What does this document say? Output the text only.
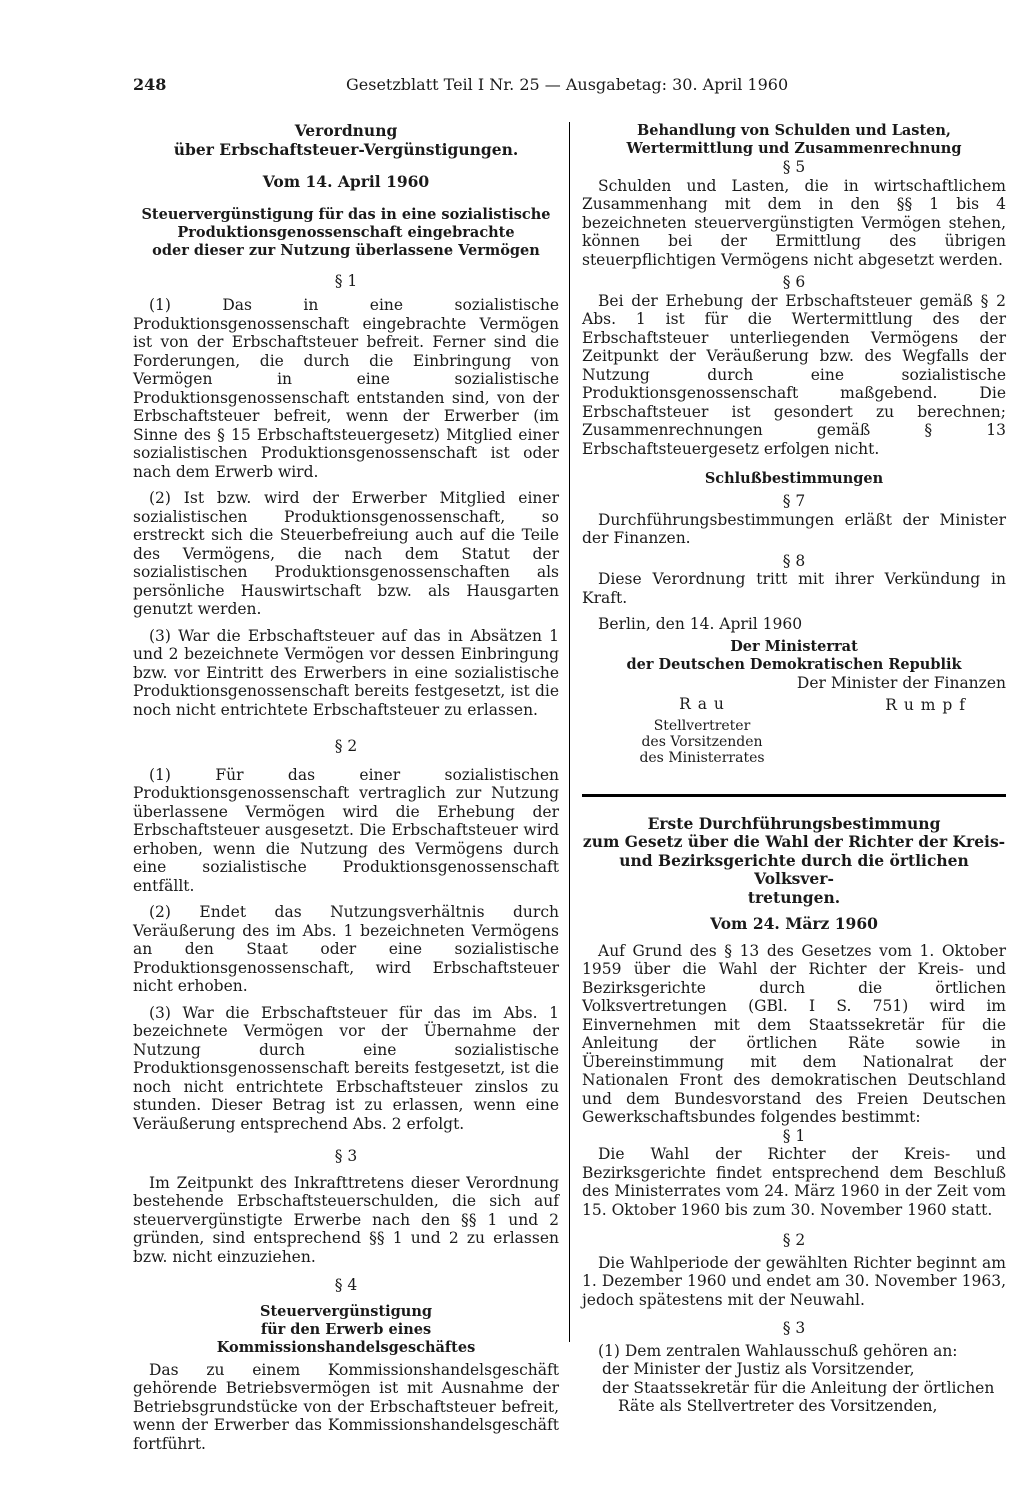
248	Gesetzblatt Teil I Nr. 25 — Ausgabetag: 30. April 1960

Verordnung

über Erbschaftsteuer-Vergünstigungen.

Vom 14. April 1960

Steuervergünstigung für das in eine sozialistische

Produktionsgenossenschaft eingebrachte

oder dieser zur Nutzung überlassene Vermögen

§ 1

(1) Das in eine sozialistische Produktionsgenossenschaft eingebrachte Vermögen ist von der Erbschaftsteuer befreit. Ferner sind die Forderungen, die durch die Einbringung von Vermögen in eine sozialistische Produktionsgenossenschaft entstanden sind, von der Erbschaftsteuer befreit, wenn der Erwerber (im Sinne des § 15 Erbschaftsteuergesetz) Mitglied einer sozialistischen Produktionsgenossenschaft ist oder nach dem Erwerb wird.

(2) Ist bzw. wird der Erwerber Mitglied einer sozialistischen Produktionsgenossenschaft, so erstreckt sich die Steuerbefreiung auch auf die Teile des Vermögens, die nach dem Statut der sozialistischen Produktionsgenossenschaften als persönliche Hauswirtschaft bzw. als Hausgarten genutzt werden.

(3) War die Erbschaftsteuer auf das in Absätzen 1 und 2 bezeichnete Vermögen vor dessen Einbringung bzw. vor Eintritt des Erwerbers in eine sozialistische Produktionsgenossenschaft bereits festgesetzt, ist die noch nicht entrichtete Erbschaftsteuer zu erlassen.

§ 2

(1) Für das einer sozialistischen Produktionsgenossenschaft vertraglich zur Nutzung überlassene Vermögen wird die Erhebung der Erbschaftsteuer ausgesetzt. Die Erbschaftsteuer wird erhoben, wenn die Nutzung des Vermögens durch eine sozialistische Produktionsgenossenschaft entfällt.

(2) Endet das Nutzungsverhältnis durch Veräußerung des im Abs. 1 bezeichneten Vermögens an den Staat oder eine sozialistische Produktionsgenossenschaft, wird Erbschaftsteuer nicht erhoben.

(3) War die Erbschaftsteuer für das im Abs. 1 bezeichnete Vermögen vor der Übernahme der Nutzung durch eine sozialistische Produktionsgenossenschaft bereits festgesetzt, ist die noch nicht entrichtete Erbschaftsteuer zinslos zu stunden. Dieser Betrag ist zu erlassen, wenn eine Veräußerung entsprechend Abs. 2 erfolgt.

§ 3

Im Zeitpunkt des Inkrafttretens dieser Verordnung bestehende Erbschaftsteuerschulden, die sich auf steuervergünstigte Erwerbe nach den §§ 1 und 2 gründen, sind entsprechend §§ 1 und 2 zu erlassen bzw. nicht einzuziehen.

§ 4

Steuervergünstigung

für den Erwerb eines Kommissionshandelsgeschäftes

Das zu einem Kommissionshandelsgeschäft gehörende Betriebsvermögen ist mit Ausnahme der Betriebsgrundstücke von der Erbschaftsteuer befreit, wenn der Erwerber das Kommissionshandelsgeschäft fortführt.

Behandlung von Schulden und Lasten,

Wertermittlung und Zusammenrechnung

§ 5

Schulden und Lasten, die in wirtschaftlichem Zusammenhang mit dem in den §§ 1 bis 4 bezeichneten steuervergünstigten Vermögen stehen, können bei der Ermittlung des übrigen steuerpflichtigen Vermögens nicht abgesetzt werden.

§ 6

Bei der Erhebung der Erbschaftsteuer gemäß § 2 Abs. 1 ist für die Wertermittlung des der Erbschaftsteuer unterliegenden Vermögens der Zeitpunkt der Veräußerung bzw. des Wegfalls der Nutzung durch eine sozialistische Produktionsgenossenschaft maßgebend. Die Erbschaftsteuer ist gesondert zu berechnen; Zusammenrechnungen gemäß § 13 Erbschaftsteuergesetz erfolgen nicht.

Schlußbestimmungen

§ 7

Durchführungsbestimmungen erläßt der Minister der Finanzen.

§ 8

Diese Verordnung tritt mit ihrer Verkündung in Kraft.

Berlin, den 14. April 1960

Der Ministerrat

der Deutschen Demokratischen Republik

Der Minister der Finanzen
R a u	R u m p f
Stellvertreter
des Vorsitzenden
des Ministerrates

Erste Durchführungsbestimmung

zum Gesetz über die Wahl der Richter der Kreis-

und Bezirksgerichte durch die örtlichen Volksver-

tretungen.

Vom 24. März 1960

Auf Grund des § 13 des Gesetzes vom 1. Oktober 1959 über die Wahl der Richter der Kreis- und Bezirksgerichte durch die örtlichen Volksvertretungen (GBl. I S. 751) wird im Einvernehmen mit dem Staatssekretär für die Anleitung der örtlichen Räte sowie in Übereinstimmung mit dem Nationalrat der Nationalen Front des demokratischen Deutschland und dem Bundesvorstand des Freien Deutschen Gewerkschaftsbundes folgendes bestimmt:

§ 1

Die Wahl der Richter der Kreis- und Bezirksgerichte findet entsprechend dem Beschluß des Ministerrates vom 24. März 1960 in der Zeit vom 15. Oktober 1960 bis zum 30. November 1960 statt.

§ 2

Die Wahlperiode der gewählten Richter beginnt am 1. Dezember 1960 und endet am 30. November 1963, jedoch spätestens mit der Neuwahl.

§ 3

(1) Dem zentralen Wahlausschuß gehören an:

der Minister der Justiz als Vorsitzender,

der Staatssekretär für die Anleitung der örtlichen Räte als Stellvertreter des Vorsitzenden,
